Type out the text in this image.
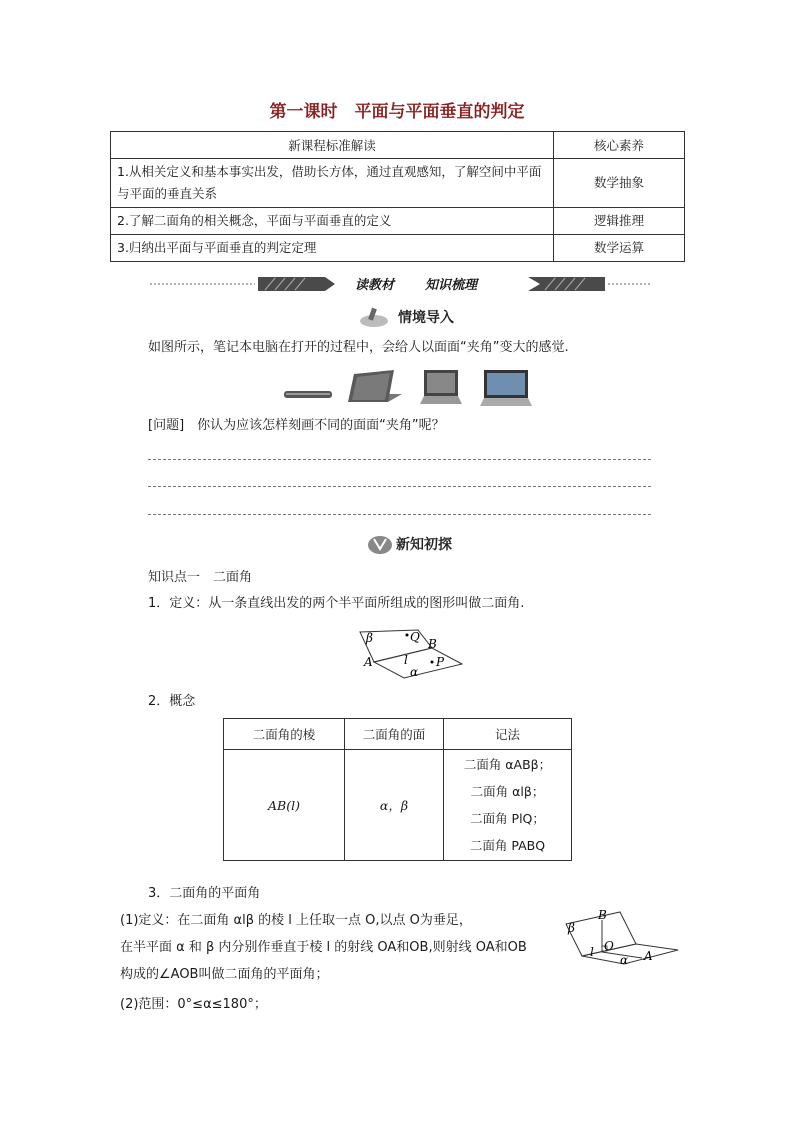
第一课时　平面与平面垂直的判定
新课程标准解读	核心素养
1.从相关定义和基本事实出发，借助长方体，通过直观感知，了解空间中平面与平面的垂直关系	数学抽象
2.了解二面角的相关概念，平面与平面垂直的定义	逻辑推理
3.归纳出平面与平面垂直的判定定理	数学运算
读教材 知识梳理
情境导入
如图所示，笔记本电脑在打开的过程中，会给人以面面“夹角”变大的感觉.
[问题]　你认为应该怎样刻画不同的面面“夹角”呢？
新知初探
知识点一　二面角
1．定义：从一条直线出发的两个半平面所组成的图形叫做二面角.
β	Q B
A	l P
α
2．概念
二面角的棱	二面角的面	记法
AB(l)	α，β	二面角 αABβ；
二面角 αlβ；
二面角 PlQ；
二面角 PABQ
3．二面角的平面角
(1)定义：在二面角 αlβ 的棱 l 上任取一点 O,以点 O为垂足，
在半平面 α 和 β 内分别作垂直于棱 l 的射线 OA和OB,则射线 OA和OB
构成的∠AOB叫做二面角的平面角；
(2)范围：0°≤α≤180°；
β
B
l O
α A
